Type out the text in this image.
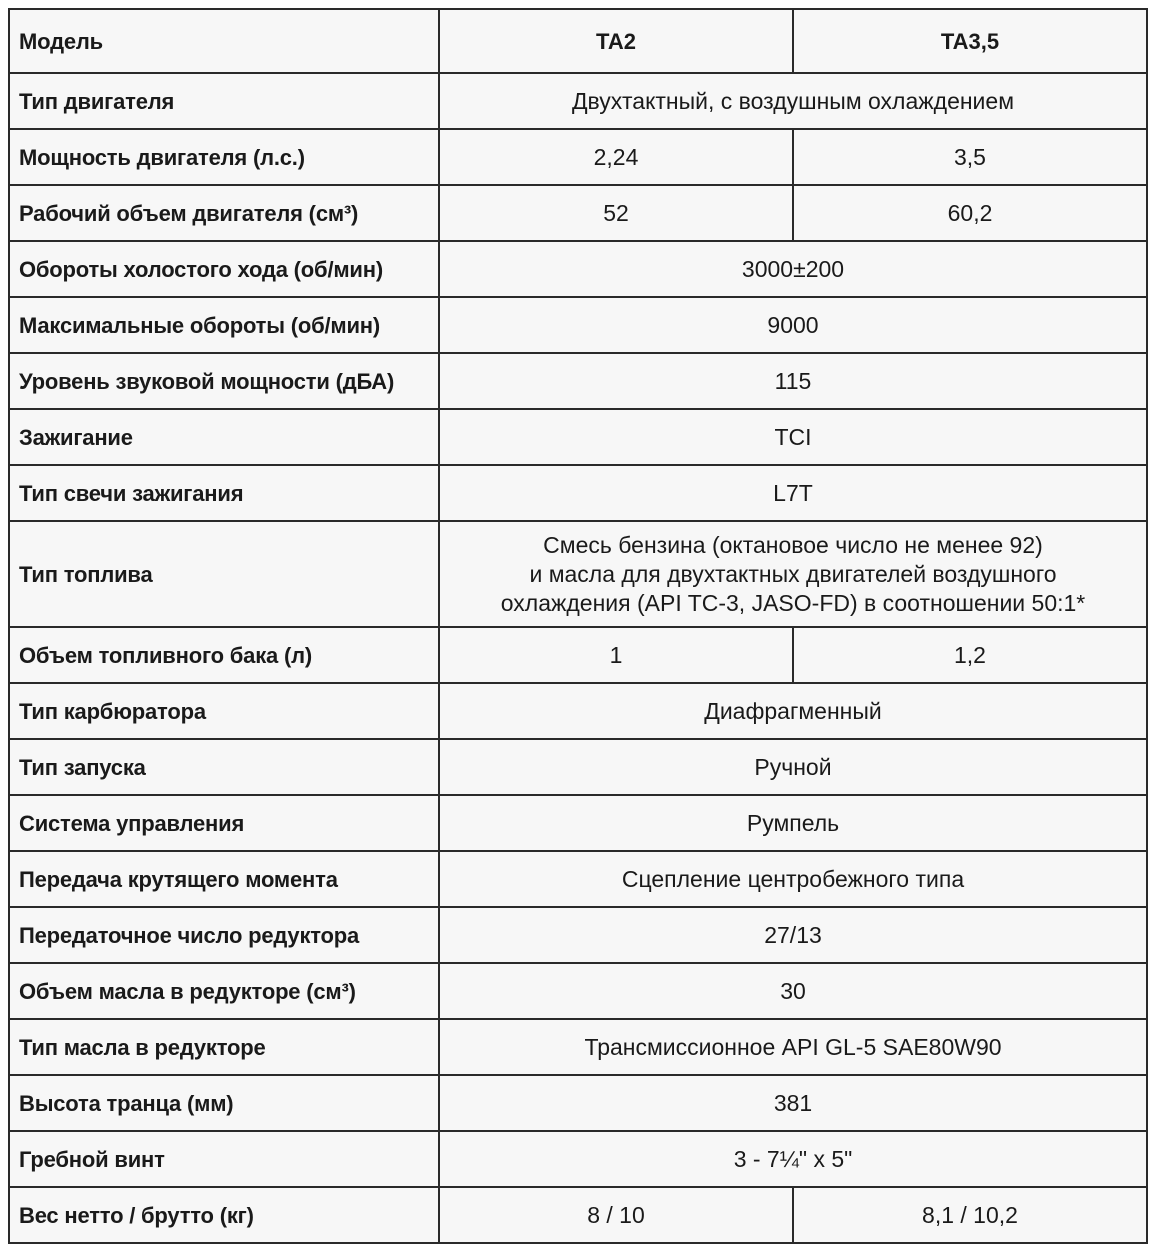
Модель	TA2	TA3,5
Тип двигателя	Двухтактный, с воздушным охлаждением	
Мощность двигателя (л.с.)	2,24	3,5
Рабочий объем двигателя (см³)	52	60,2
Обороты холостого хода (об/мин)	3000±200	
Максимальные обороты (об/мин)	9000	
Уровень звуковой мощности (дБА)	115	
Зажигание	TCI	
Тип свечи зажигания	L7T	
Тип топлива	Смесь бензина (октановое число не менее 92)
и масла для двухтактных двигателей воздушного
охлаждения (API TC-3, JASO-FD) в соотношении 50:1*	

Объем топливного бака (л)	1	1,2
Тип карбюратора	Диафрагменный	
Тип запуска	Ручной	
Система управления	Румпель	
Передача крутящего момента	Сцепление центробежного типа	
Передаточное число редуктора	27/13	
Объем масла в редукторе (см³)	30	
Тип масла в редукторе	Трансмиссионное API GL-5 SAE80W90	
Высота транца (мм)	381	
Гребной винт	3 - 7¼" x 5"	
Вес нетто / брутто (кг)	8 / 10	8,1 / 10,2
